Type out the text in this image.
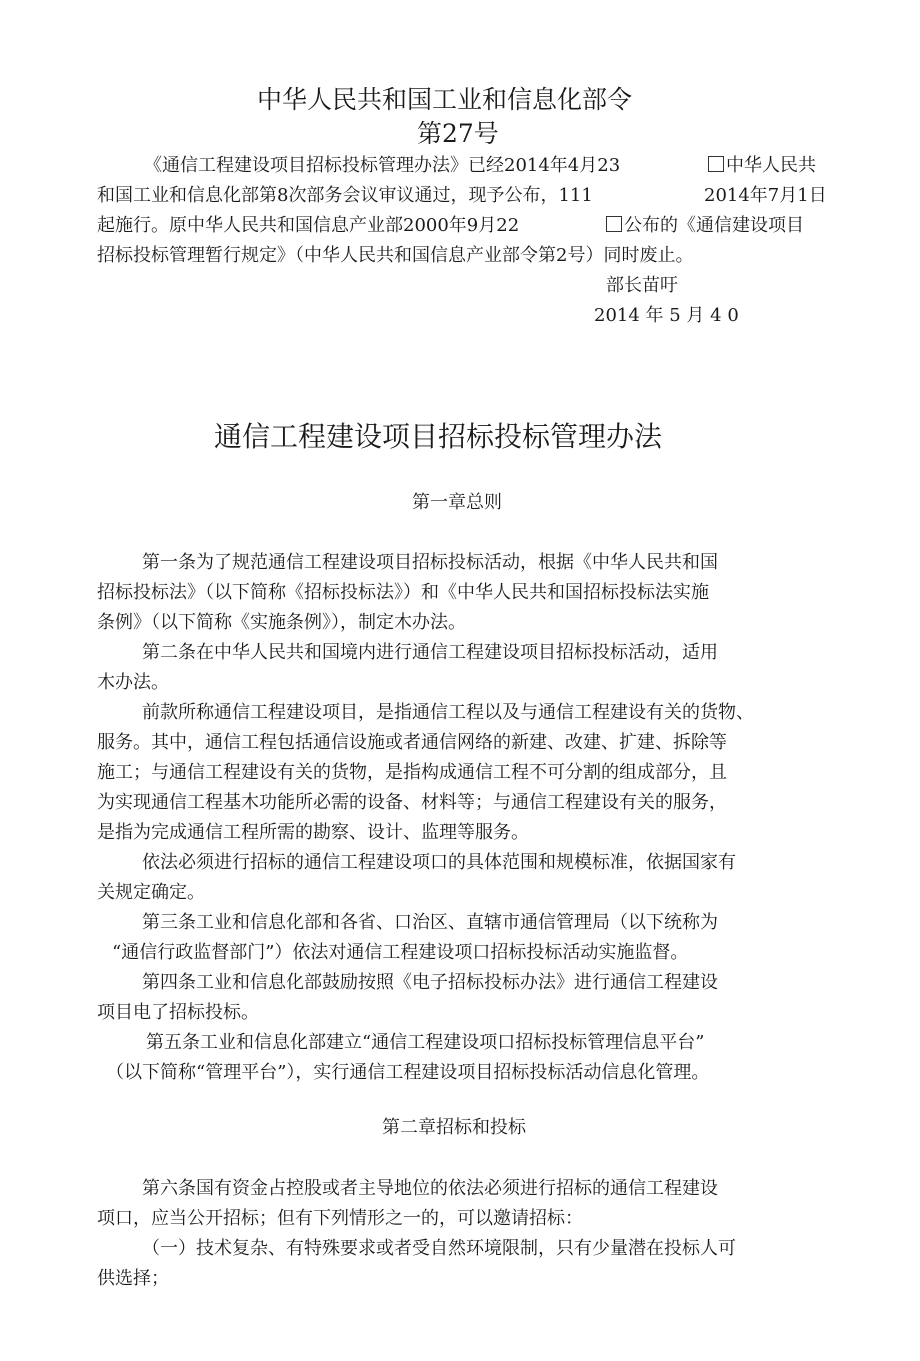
中华人民共和国工业和信息化部令
第27号
《通信工程建设项目招标投标管理办法》已经2014年4月23	中华人民共
和国工业和信息化部第8次部务会议审议通过，现予公布，111	2014年7月1日
起施行。原中华人民共和国信息产业部2000年9月22	公布的《通信建设项目
招标投标管理暂行规定》（中华人民共和国信息产业部令第2号）同时废止。
部长苗吁
2014 年 5 月 4 0
通信工程建设项目招标投标管理办法
第一章总则
第一条为了规范通信工程建设项目招标投标活动，根据《中华人民共和国
招标投标法》（以下简称《招标投标法》）和《中华人民共和国招标投标法实施
条例》（以下简称《实施条例》），制定木办法。
第二条在中华人民共和国境内进行通信工程建设项目招标投标活动，适用
木办法。
前款所称通信工程建设项目，是指通信工程以及与通信工程建设有关的货物、
服务。其中，通信工程包括通信设施或者通信网络的新建、改建、扩建、拆除等
施工；与通信工程建设有关的货物，是指构成通信工程不可分割的组成部分，且
为实现通信工程基木功能所必需的设备、材料等；与通信工程建设有关的服务，
是指为完成通信工程所需的勘察、设计、监理等服务。
依法必须进行招标的通信工程建设项口的具体范围和规模标准，依据国家有
关规定确定。
第三条工业和信息化部和各省、口治区、直辖市通信管理局（以下统称为
“通信行政监督部门”）依法对通信工程建设项口招标投标活动实施监督。
第四条工业和信息化部鼓励按照《电子招标投标办法》进行通信工程建设
项目电了招标投标。
第五条工业和信息化部建立“通信工程建设项口招标投标管理信息平台”
（以下简称“管理平台”），实行通信工程建设项目招标投标活动信息化管理。
第二章招标和投标
第六条国有资金占控股或者主导地位的依法必须进行招标的通信工程建设
项口，应当公开招标；但有下列情形之一的，可以邀请招标：
（一）技术复杂、有特殊要求或者受自然环境限制，只有少量潜在投标人可
供选择；
